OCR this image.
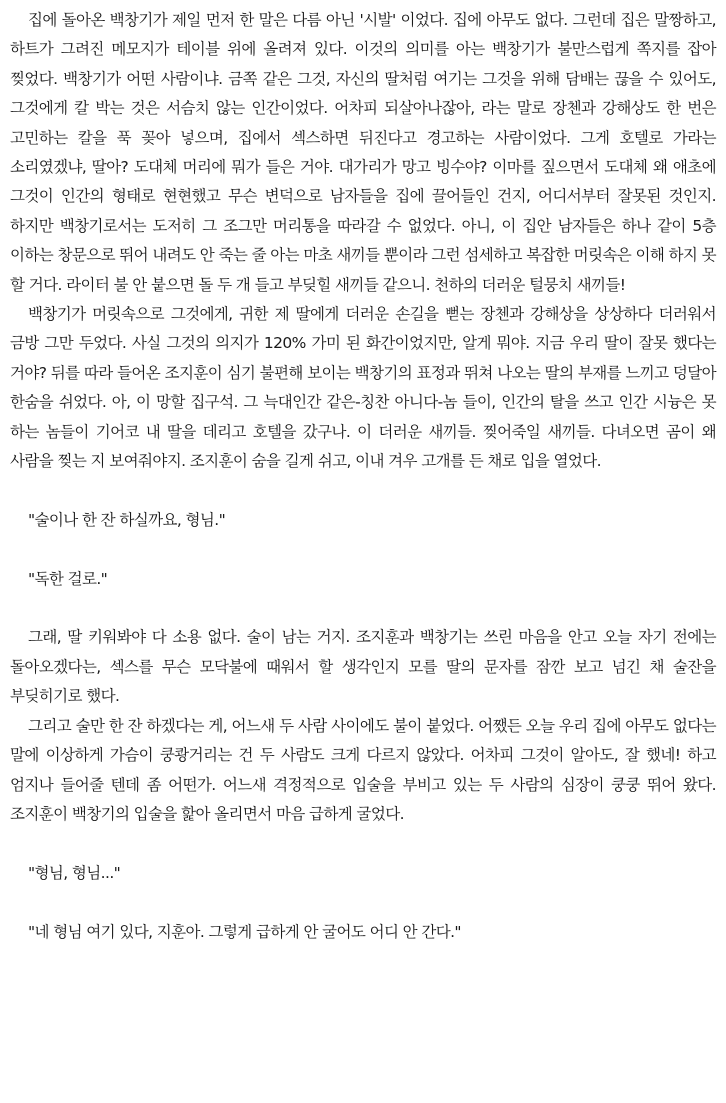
집에 돌아온 백창기가 제일 먼저 한 말은 다름 아닌 '시발' 이었다. 집에 아무도 없다. 그런데 집은 말짱하고, 하트가 그려진 메모지가 테이블 위에 올려져 있다. 이것의 의미를 아는 백창기가 불만스럽게 쪽지를 잡아 찢었다. 백창기가 어떤 사람이냐. 금쪽 같은 그것, 자신의 딸처럼 여기는 그것을 위해 담배는 끊을 수 있어도, 그것에게 칼 박는 것은 서슴치 않는 인간이었다. 어차피 되살아나잖아, 라는 말로 장첸과 강해상도 한 번은 고민하는 칼을 푹 꽂아 넣으며, 집에서 섹스하면 뒤진다고 경고하는 사람이었다. 그게 호텔로 가라는 소리였겠냐, 딸아? 도대체 머리에 뭐가 들은 거야. 대가리가 망고 빙수야? 이마를 짚으면서 도대체 왜 애초에 그것이 인간의 형태로 현현했고 무슨 변덕으로 남자들을 집에 끌어들인 건지, 어디서부터 잘못된 것인지. 하지만 백창기로서는 도저히 그 조그만 머리통을 따라갈 수 없었다. 아니, 이 집안 남자들은 하나 같이 5층 이하는 창문으로 뛰어 내려도 안 죽는 줄 아는 마초 새끼들 뿐이라 그런 섬세하고 복잡한 머릿속은 이해 하지 못 할 거다. 라이터 불 안 붙으면 돌 두 개 들고 부딪힐 새끼들 같으니. 천하의 더러운 털뭉치 새끼들!

백창기가 머릿속으로 그것에게, 귀한 제 딸에게 더러운 손길을 뻗는 장첸과 강해상을 상상하다 더러워서 금방 그만 두었다. 사실 그것의 의지가 120% 가미 된 화간이었지만, 알게 뭐야. 지금 우리 딸이 잘못 했다는 거야? 뒤를 따라 들어온 조지훈이 심기 불편해 보이는 백창기의 표정과 뛰쳐 나오는 딸의 부재를 느끼고 덩달아 한숨을 쉬었다. 아, 이 망할 집구석. 그 늑대인간 같은-칭찬 아니다-놈 들이, 인간의 탈을 쓰고 인간 시늉은 못 하는 놈들이 기어코 내 딸을 데리고 호텔을 갔구나. 이 더러운 새끼들. 찢어죽일 새끼들. 다녀오면 곰이 왜 사람을 찢는 지 보여줘야지. 조지훈이 숨을 길게 쉬고, 이내 겨우 고개를 든 채로 입을 열었다.

"술이나 한 잔 하실까요, 형님."

"독한 걸로."

그래, 딸 키워봐야 다 소용 없다. 술이 남는 거지. 조지훈과 백창기는 쓰린 마음을 안고 오늘 자기 전에는 돌아오겠다는, 섹스를 무슨 모닥불에 때워서 할 생각인지 모를 딸의 문자를 잠깐 보고 넘긴 채 술잔을 부딪히기로 했다.

그리고 술만 한 잔 하겠다는 게, 어느새 두 사람 사이에도 불이 붙었다. 어쨌든 오늘 우리 집에 아무도 없다는 말에 이상하게 가슴이 쿵쾅거리는 건 두 사람도 크게 다르지 않았다. 어차피 그것이 알아도, 잘 했네! 하고 엄지나 들어줄 텐데 좀 어떤가. 어느새 격정적으로 입술을 부비고 있는 두 사람의 심장이 쿵쿵 뛰어 왔다. 조지훈이 백창기의 입술을 핥아 올리면서 마음 급하게 굴었다.

"형님, 형님..."

"네 형님 여기 있다, 지훈아. 그렇게 급하게 안 굴어도 어디 안 간다."
